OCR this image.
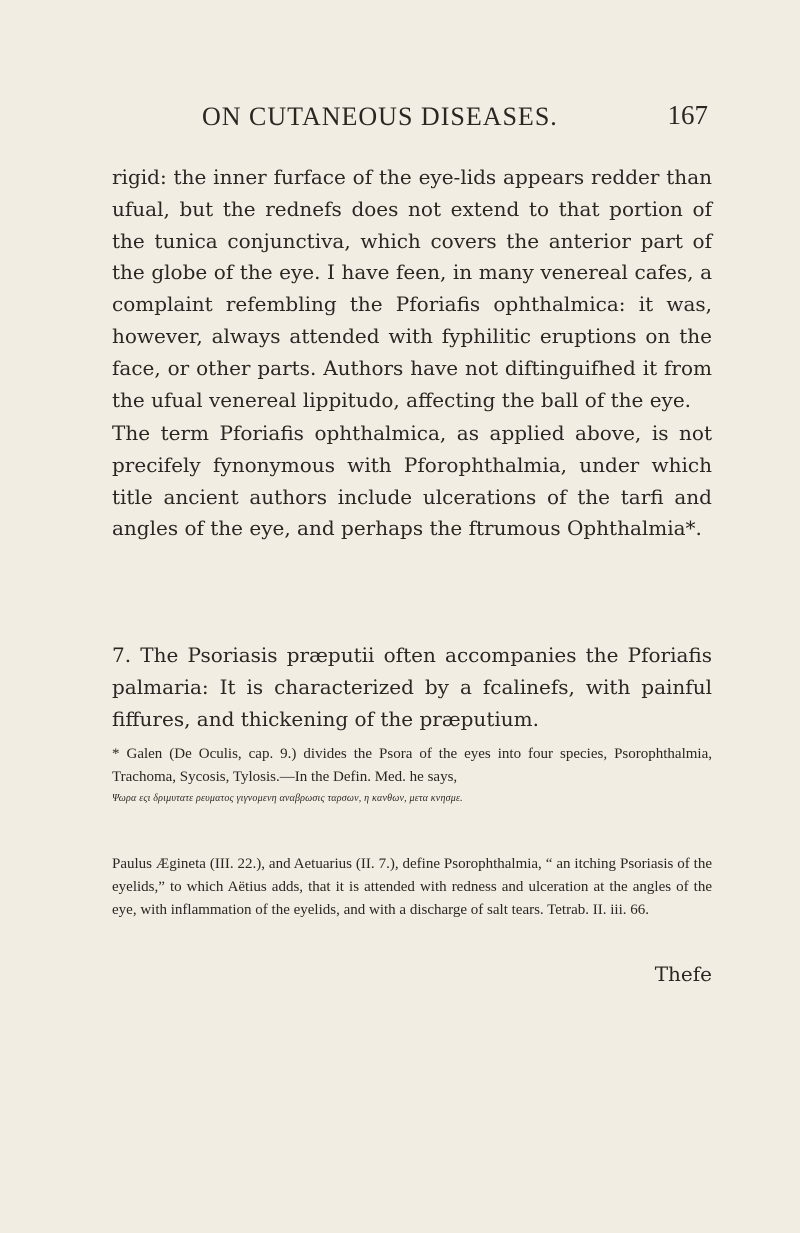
ON CUTANEOUS DISEASES.	167

rigid: the inner furface of the eye-lids appears redder than ufual, but the rednefs does not extend to that portion of the tunica conjunctiva, which covers the anterior part of the globe of the eye. I have feen, in many venereal cafes, a complaint refembling the Pforiafis ophthalmica: it was, however, always attended with fyphilitic eruptions on the face, or other parts. Authors have not diftinguifhed it from the ufual venereal lippitudo, affecting the ball of the eye.

The term Pforiafis ophthalmica, as applied above, is not precifely fynonymous with Pforophthalmia, under which title ancient authors include ulcerations of the tarfi and angles of the eye, and perhaps the ftrumous Ophthalmia*.

7. The Psoriasis præputii often accompanies the Pforiafis palmaria: It is characterized by a fcalinefs, with painful fiffures, and thickening of the præputium.

* Galen (De Oculis, cap. 9.) divides the Psora of the eyes into four species, Psorophthalmia, Trachoma, Sycosis, Tylosis.—In the Defin. Med. he says,
Ψωρα εςι δριμυτατε ρευματος γιγνομενη αναβρωσις ταρσων, η κανθων, μετα κνησμε.

Paulus Ægineta (III. 22.), and Aetuarius (II. 7.), define Psorophthalmia, “ an itching Psoriasis of the eyelids,” to which Aëtius adds, that it is attended with redness and ulceration at the angles of the eye, with inflammation of the eyelids, and with a discharge of salt tears. Tetrab. II. iii. 66.

Thefe
